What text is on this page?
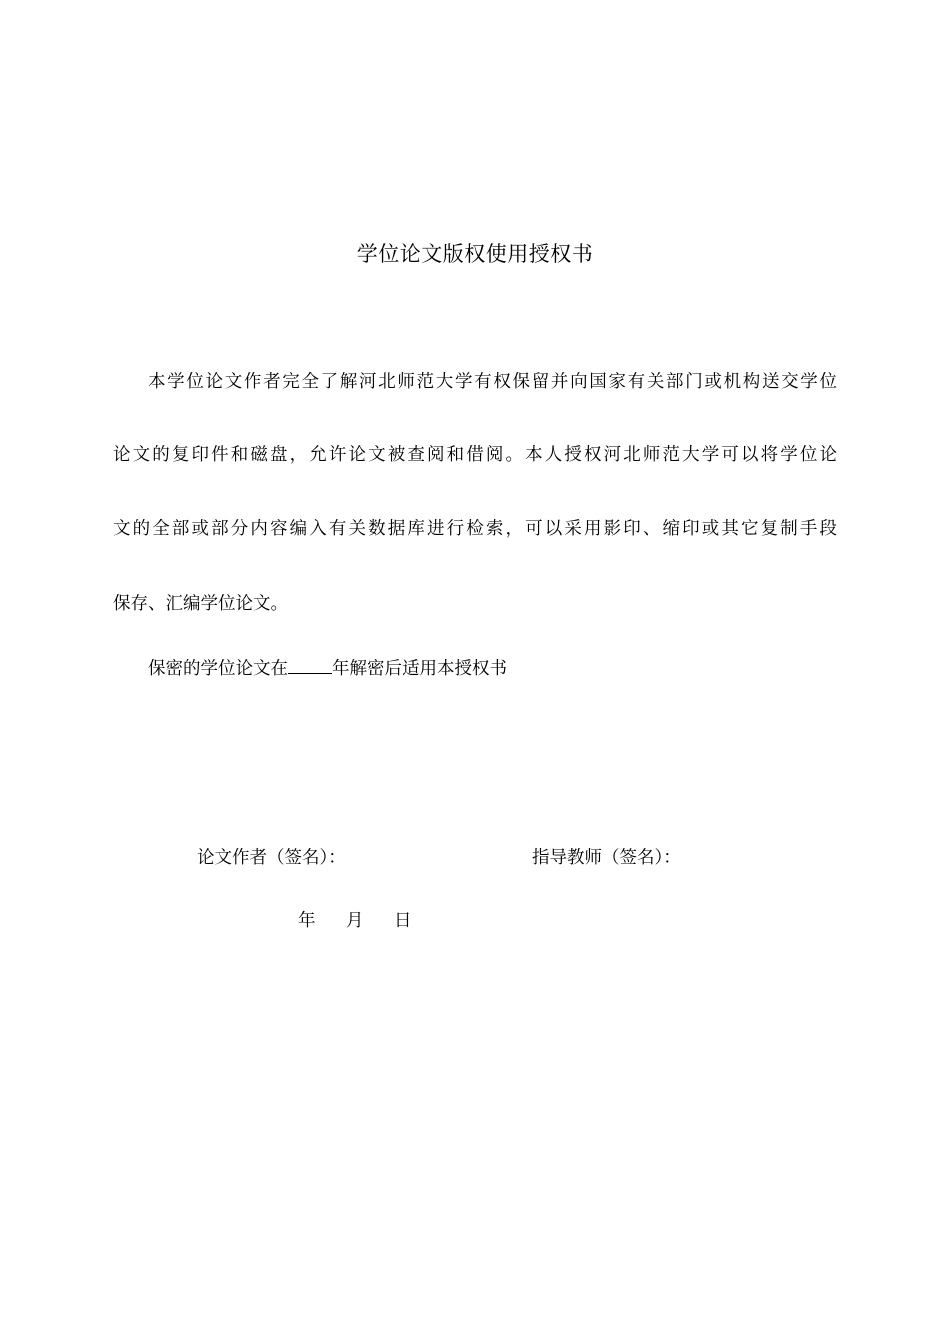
学位论文版权使用授权书
本学位论文作者完全了解河北师范大学有权保留并向国家有关部门或机构送交学位
论文的复印件和磁盘，允许论文被查阅和借阅。本人授权河北师范大学可以将学位论
文的全部或部分内容编入有关数据库进行检索，可以采用影印、缩印或其它复制手段
保存、汇编学位论文。
保密的学位论文在	年解密后适用本授权书
论文作者（签名）：	指导教师（签名）：
年 月 日
